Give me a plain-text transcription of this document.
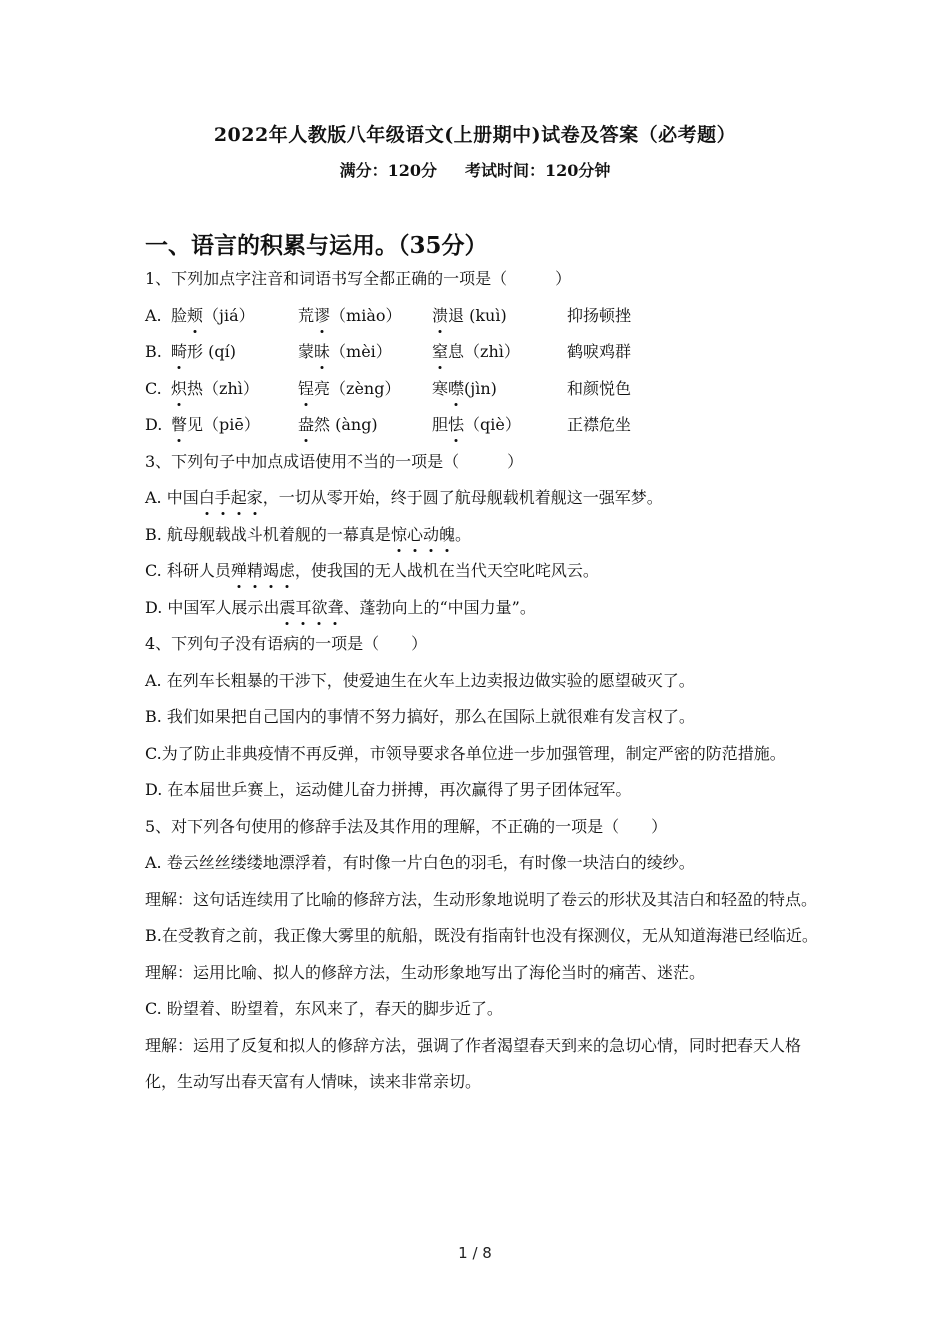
2022年人教版八年级语文(上册期中)试卷及答案（必考题）
满分：120分 考试时间：120分钟
一、语言的积累与运用。（35分）
1、下列加点字注音和词语书写全都正确的一项是（　　　）
A. 脸颊（jiá）	荒谬（miào）	溃退 (kuì)	抑扬顿挫
B. 畸形 (qí)	蒙昧（mèi）	窒息（zhì）	鹤唳鸡群
C. 炽热（zhì）	锃亮（zèng）	寒噤(jìn)	和颜悦色
D. 瞥见（piē）	盎然 (àng)	胆怯（qiè）	正襟危坐
3、下列句子中加点成语使用不当的一项是（　　　）
A. 中国白手起家，一切从零开始，终于圆了航母舰载机着舰这一强军梦。
B. 航母舰载战斗机着舰的一幕真是惊心动魄。
C. 科研人员殚精竭虑，使我国的无人战机在当代天空叱咤风云。
D. 中国军人展示出震耳欲聋、蓬勃向上的“中国力量”。
4、下列句子没有语病的一项是（　　）
A. 在列车长粗暴的干涉下，使爱迪生在火车上边卖报边做实验的愿望破灭了。
B. 我们如果把自己国内的事情不努力搞好，那么在国际上就很难有发言权了。
C.为了防止非典疫情不再反弹，市领导要求各单位进一步加强管理，制定严密的防范措施。
D. 在本届世乒赛上，运动健儿奋力拼搏，再次赢得了男子团体冠军。
5、对下列各句使用的修辞手法及其作用的理解，不正确的一项是（　　）
A. 卷云丝丝缕缕地漂浮着，有时像一片白色的羽毛，有时像一块洁白的绫纱。
理解：这句话连续用了比喻的修辞方法，生动形象地说明了卷云的形状及其洁白和轻盈的特点。
B.在受教育之前，我正像大雾里的航船，既没有指南针也没有探测仪，无从知道海港已经临近。
理解：运用比喻、拟人的修辞方法，生动形象地写出了海伦当时的痛苦、迷茫。
C. 盼望着、盼望着，东风来了，春天的脚步近了。
理解：运用了反复和拟人的修辞方法，强调了作者渴望春天到来的急切心情，同时把春天人格化，生动写出春天富有人情味，读来非常亲切。
1 / 8
